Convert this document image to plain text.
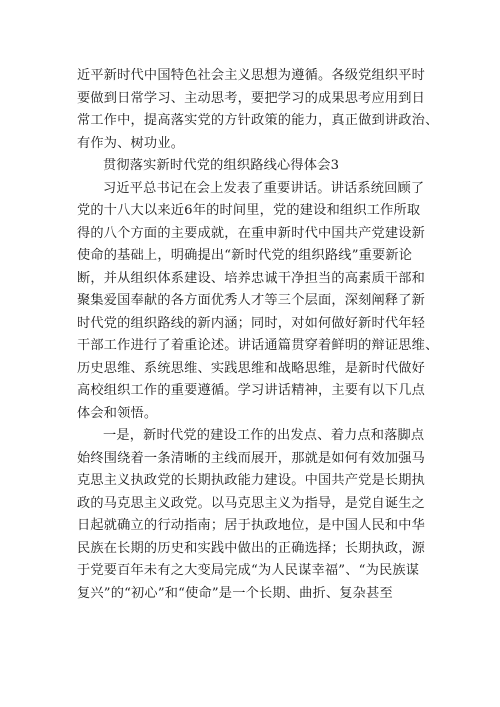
近平新时代中国特色社会主义思想为遵循。各级党组织平时
要做到日常学习、主动思考，要把学习的成果思考应用到日
常工作中，提高落实党的方针政策的能力，真正做到讲政治、
有作为、树功业。
贯彻落实新时代党的组织路线心得体会3
习近平总书记在会上发表了重要讲话。讲话系统回顾了
党的十八大以来近6年的时间里，党的建设和组织工作所取
得的八个方面的主要成就，在重申新时代中国共产党建设新
使命的基础上，明确提出“新时代党的组织路线”重要新论
断，并从组织体系建设、培养忠诚干净担当的高素质干部和
聚集爱国奉献的各方面优秀人才等三个层面，深刻阐释了新
时代党的组织路线的新内涵；同时，对如何做好新时代年轻
干部工作进行了着重论述。讲话通篇贯穿着鲜明的辩证思维、
历史思维、系统思维、实践思维和战略思维，是新时代做好
高校组织工作的重要遵循。学习讲话精神，主要有以下几点
体会和领悟。
一是，新时代党的建设工作的出发点、着力点和落脚点
始终围绕着一条清晰的主线而展开，那就是如何有效加强马
克思主义执政党的长期执政能力建设。中国共产党是长期执
政的马克思主义政党。以马克思主义为指导，是党自诞生之
日起就确立的行动指南；居于执政地位，是中国人民和中华
民族在长期的历史和实践中做出的正确选择；长期执政，源
于党要百年未有之大变局完成“为人民谋幸福”、“为民族谋
复兴”的“初心”和“使命”是一个长期、曲折、复杂甚至
